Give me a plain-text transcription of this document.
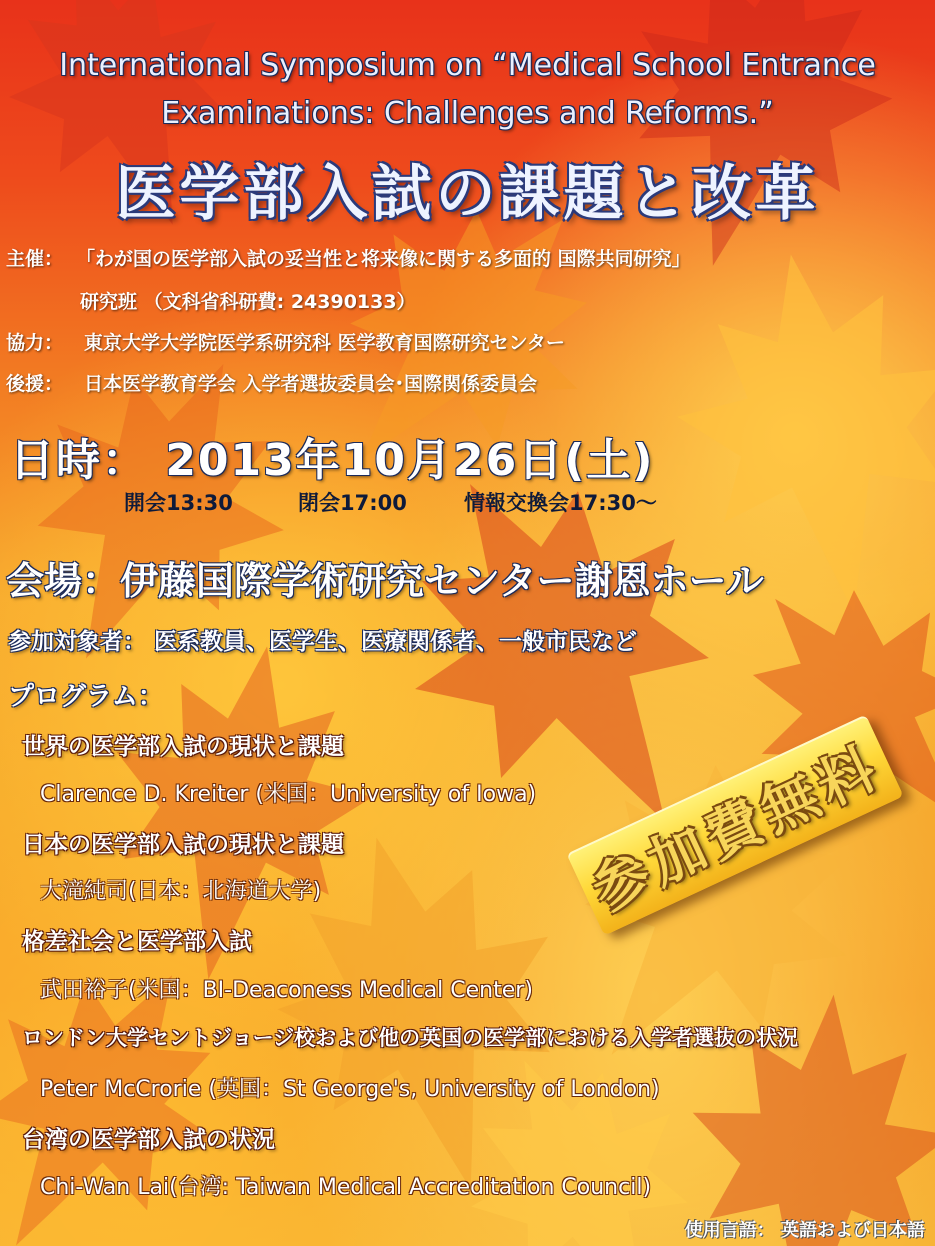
International Symposium on “Medical School Entrance
Examinations: Challenges and Reforms.”
医学部入試の課題と改革
主催： 「わが国の医学部入試の妥当性と将来像に関する多面的 国際共同研究」
研究班 （文科省科研費: 24390133）
協力： 東京大学大学院医学系研究科 医学教育国際研究センター
後援： 日本医学教育学会 入学者選抜委員会･国際関係委員会
日時： 2013年10月26日(土)
開会13:30	閉会17:00	情報交換会17:30～
会場：伊藤国際学術研究センター謝恩ホール
参加対象者： 医系教員、医学生、医療関係者、一般市民など
プログラム：
世界の医学部入試の現状と課題
Clarence D. Kreiter (米国：University of Iowa)
日本の医学部入試の現状と課題
大滝純司(日本：北海道大学)
格差社会と医学部入試
武田裕子(米国：BI-Deaconess Medical Center)
ロンドン大学セントジョージ校および他の英国の医学部における入学者選抜の状況
Peter McCrorie (英国：St George's, University of London)
台湾の医学部入試の状況
Chi-Wan Lai(台湾: Taiwan Medical Accreditation Council)
参加費無料
使用言語： 英語および日本語
